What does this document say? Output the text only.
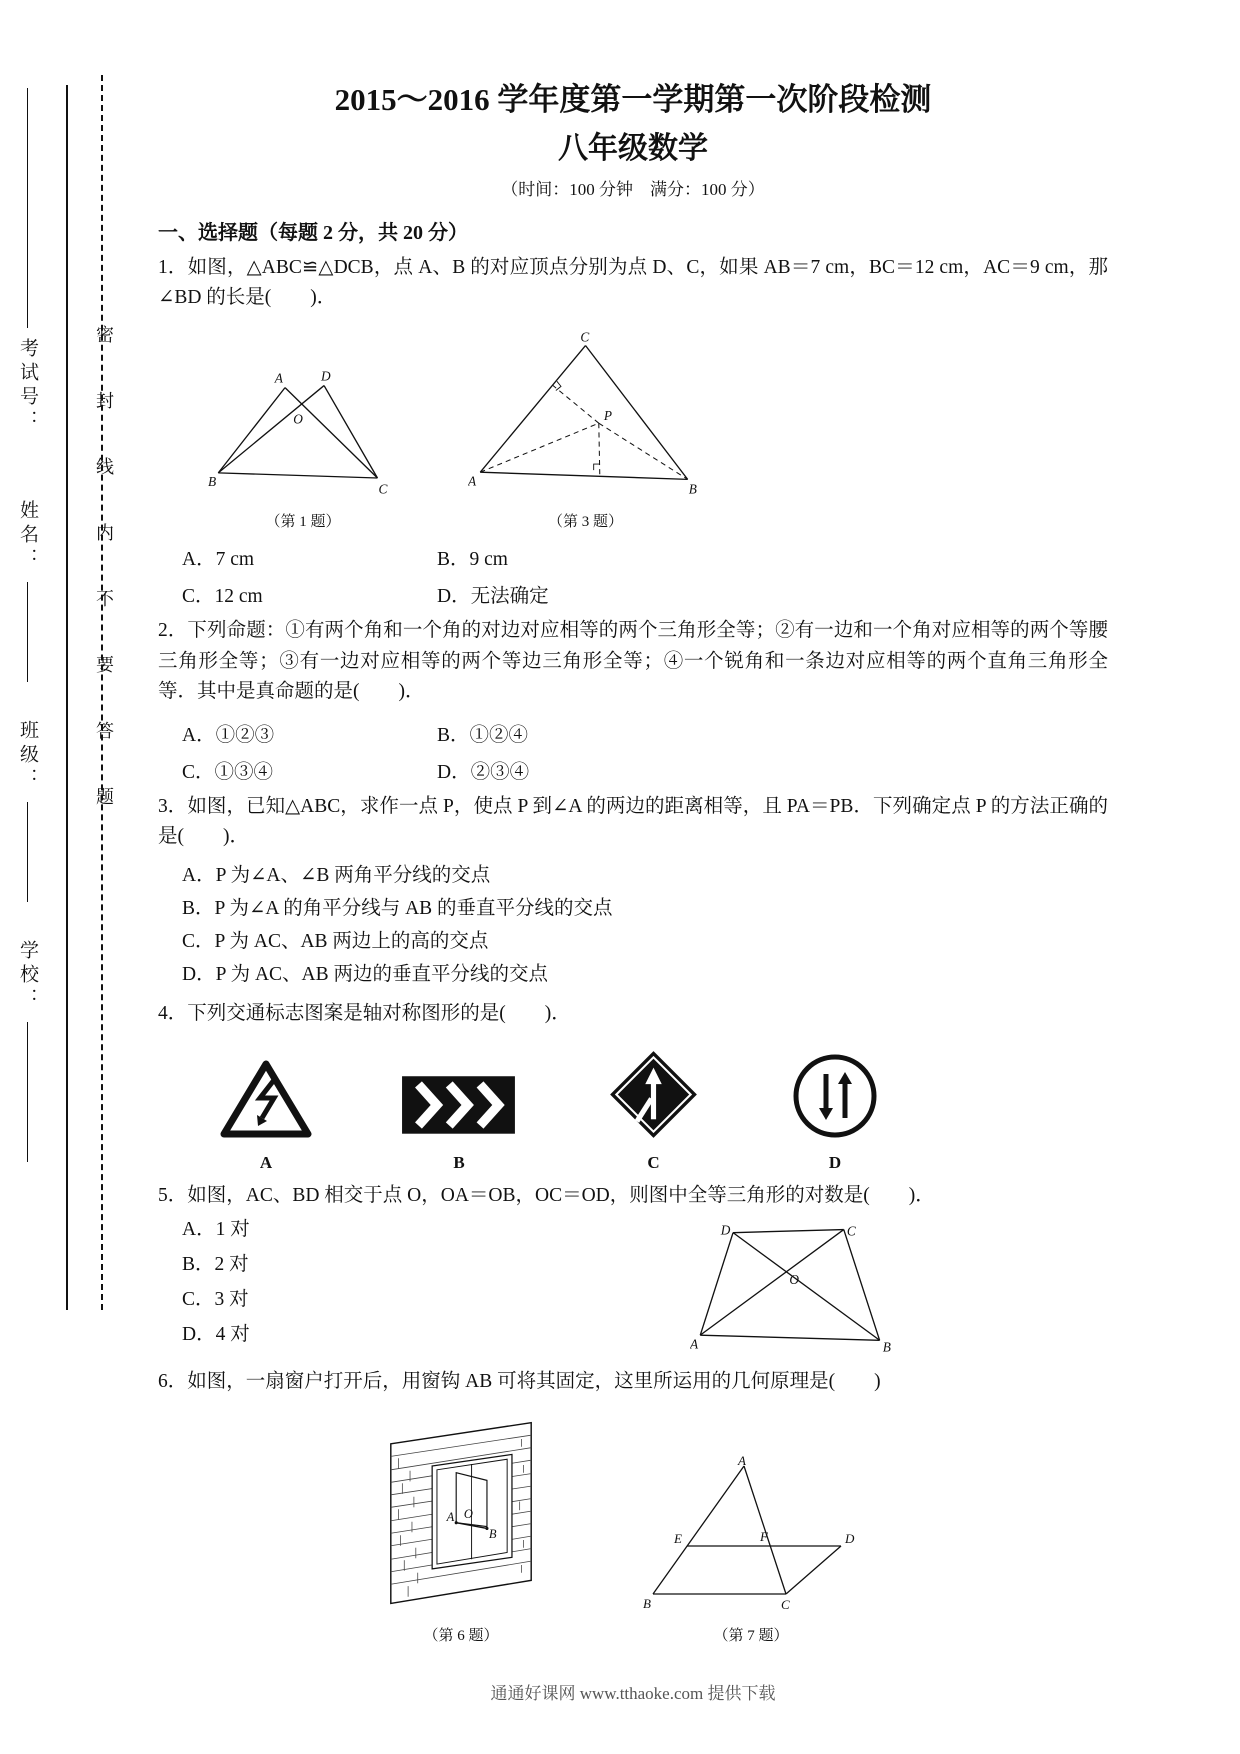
密封线内不要答题
考试号：
姓名：
班级：
学校：
2015～2016 学年度第一学期第一次阶段检测
八年级数学
（时间：100 分钟　满分：100 分）
一、选择题（每题 2 分，共 20 分）
1．如图，△ABC≌△DCB，点 A、B 的对应顶点分别为点 D、C，如果 AB＝7 cm，BC＝12 cm，AC＝9 cm，那∠BD 的长是(　　)．
A	D
O
B	C
（第 1 题）
C
P
A
B
（第 3 题）
A．7 cm	B．9 cm
C．12 cm	D．无法确定
2．下列命题：①有两个角和一个角的对边对应相等的两个三角形全等；②有一边和一个角对应相等的两个等腰三角形全等；③有一边对应相等的两个等边三角形全等；④一个锐角和一条边对应相等的两个直角三角形全等．其中是真命题的是(　　)．
A．①②③	B．①②④
C．①③④	D．②③④
3．如图，已知△ABC，求作一点 P，使点 P 到∠A 的两边的距离相等，且 PA＝PB．下列确定点 P 的方法正确的是(　　)．
A．P 为∠A、∠B 两角平分线的交点
B．P 为∠A 的角平分线与 AB 的垂直平分线的交点
C．P 为 AC、AB 两边上的高的交点
D．P 为 AC、AB 两边的垂直平分线的交点
4．下列交通标志图案是轴对称图形的是(　　)．
A	B	C	D
5．如图，AC、BD 相交于点 O，OA＝OB，OC＝OD，则图中全等三角形的对数是(　　)．
A．1 对
B．2 对
C．3 对
D．4 对
D	C
O
A	B
6．如图，一扇窗户打开后，用窗钩 AB 可将其固定，这里所运用的几何原理是(　　)
A O
B
（第 6 题）
A
E	F	D
B	C
（第 7 题）
通通好课网 www.tthaoke.com 提供下载
